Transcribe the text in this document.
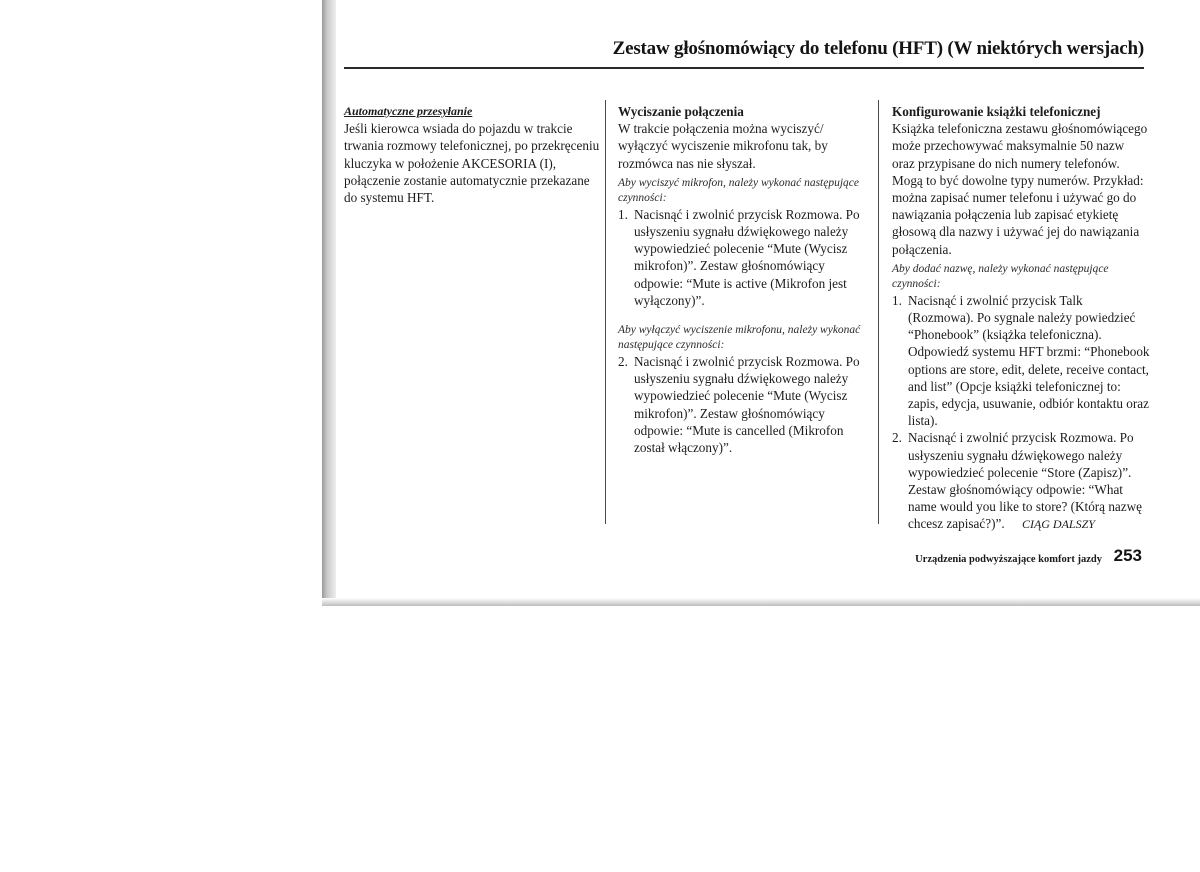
Zestaw głośnomówiący do telefonu (HFT) (W niektórych wersjach)

Automatyczne przesyłanie

Jeśli kierowca wsiada do pojazdu w trakcie trwania rozmowy telefonicznej, po przekręceniu kluczyka w położenie AKCESORIA (I), połączenie zostanie automatycznie przekazane do systemu HFT.

Wyciszanie połączenia

W trakcie połączenia można wyciszyć/ wyłączyć wyciszenie mikrofonu tak, by rozmówca nas nie słyszał.

Aby wyciszyć mikrofon, należy wykonać następujące czynności:

1. Nacisnąć i zwolnić przycisk Rozmowa. Po usłyszeniu sygnału dźwiękowego należy wypowiedzieć polecenie “Mute (Wycisz mikrofon)”. Zestaw głośnomówiący odpowie: “Mute is active (Mikrofon jest wyłączony)”.

Aby wyłączyć wyciszenie mikrofonu, należy wykonać następujące czynności:

2. Nacisnąć i zwolnić przycisk Rozmowa. Po usłyszeniu sygnału dźwiękowego należy wypowiedzieć polecenie “Mute (Wycisz mikrofon)”. Zestaw głośnomówiący odpowie: “Mute is cancelled (Mikrofon został włączony)”.

Konfigurowanie książki telefonicznej

Książka telefoniczna zestawu głośnomówiącego może przechowywać maksymalnie 50 nazw oraz przypisane do nich numery telefonów. Mogą to być dowolne typy numerów. Przykład: można zapisać numer telefonu i używać go do nawiązania połączenia lub zapisać etykietę głosową dla nazwy i używać jej do nawiązania połączenia.

Aby dodać nazwę, należy wykonać następujące czynności:

1. Nacisnąć i zwolnić przycisk Talk (Rozmowa). Po sygnale należy powiedzieć “Phonebook” (książka telefoniczna). Odpowiedź systemu HFT brzmi: “Phonebook options are store, edit, delete, receive contact, and list” (Opcje książki telefonicznej to: zapis, edycja, usuwanie, odbiór kontaktu oraz lista).
2. Nacisnąć i zwolnić przycisk Rozmowa. Po usłyszeniu sygnału dźwiękowego należy wypowiedzieć polecenie “Store (Zapisz)”. Zestaw głośnomówiący odpowie: “What name would you like to store? (Którą nazwę chcesz zapisać?)”. CIĄG DALSZY
Urządzenia podwyższające komfort jazdy 253
